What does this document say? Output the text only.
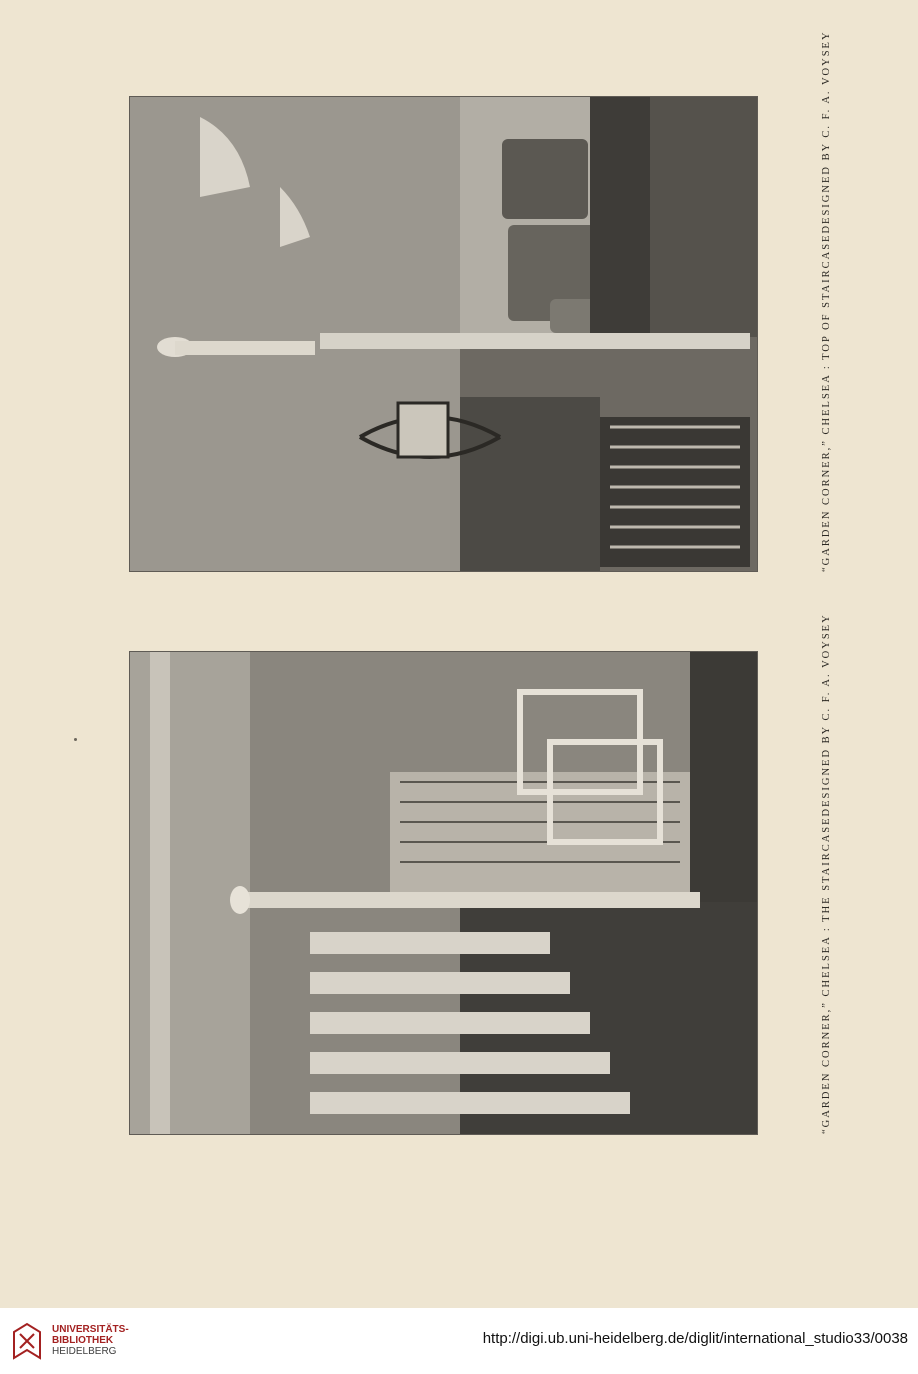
“GARDEN CORNER,” CHELSEA : TOP OF STAIRCASE
DESIGNED BY C. F. A. VOYSEY
“GARDEN CORNER,” CHELSEA : THE STAIRCASE
DESIGNED BY C. F. A. VOYSEY
UNIVERSITÄTS-
BIBLIOTHEK
HEIDELBERG
http://digi.ub.uni-heidelberg.de/diglit/international_studio33/0038
